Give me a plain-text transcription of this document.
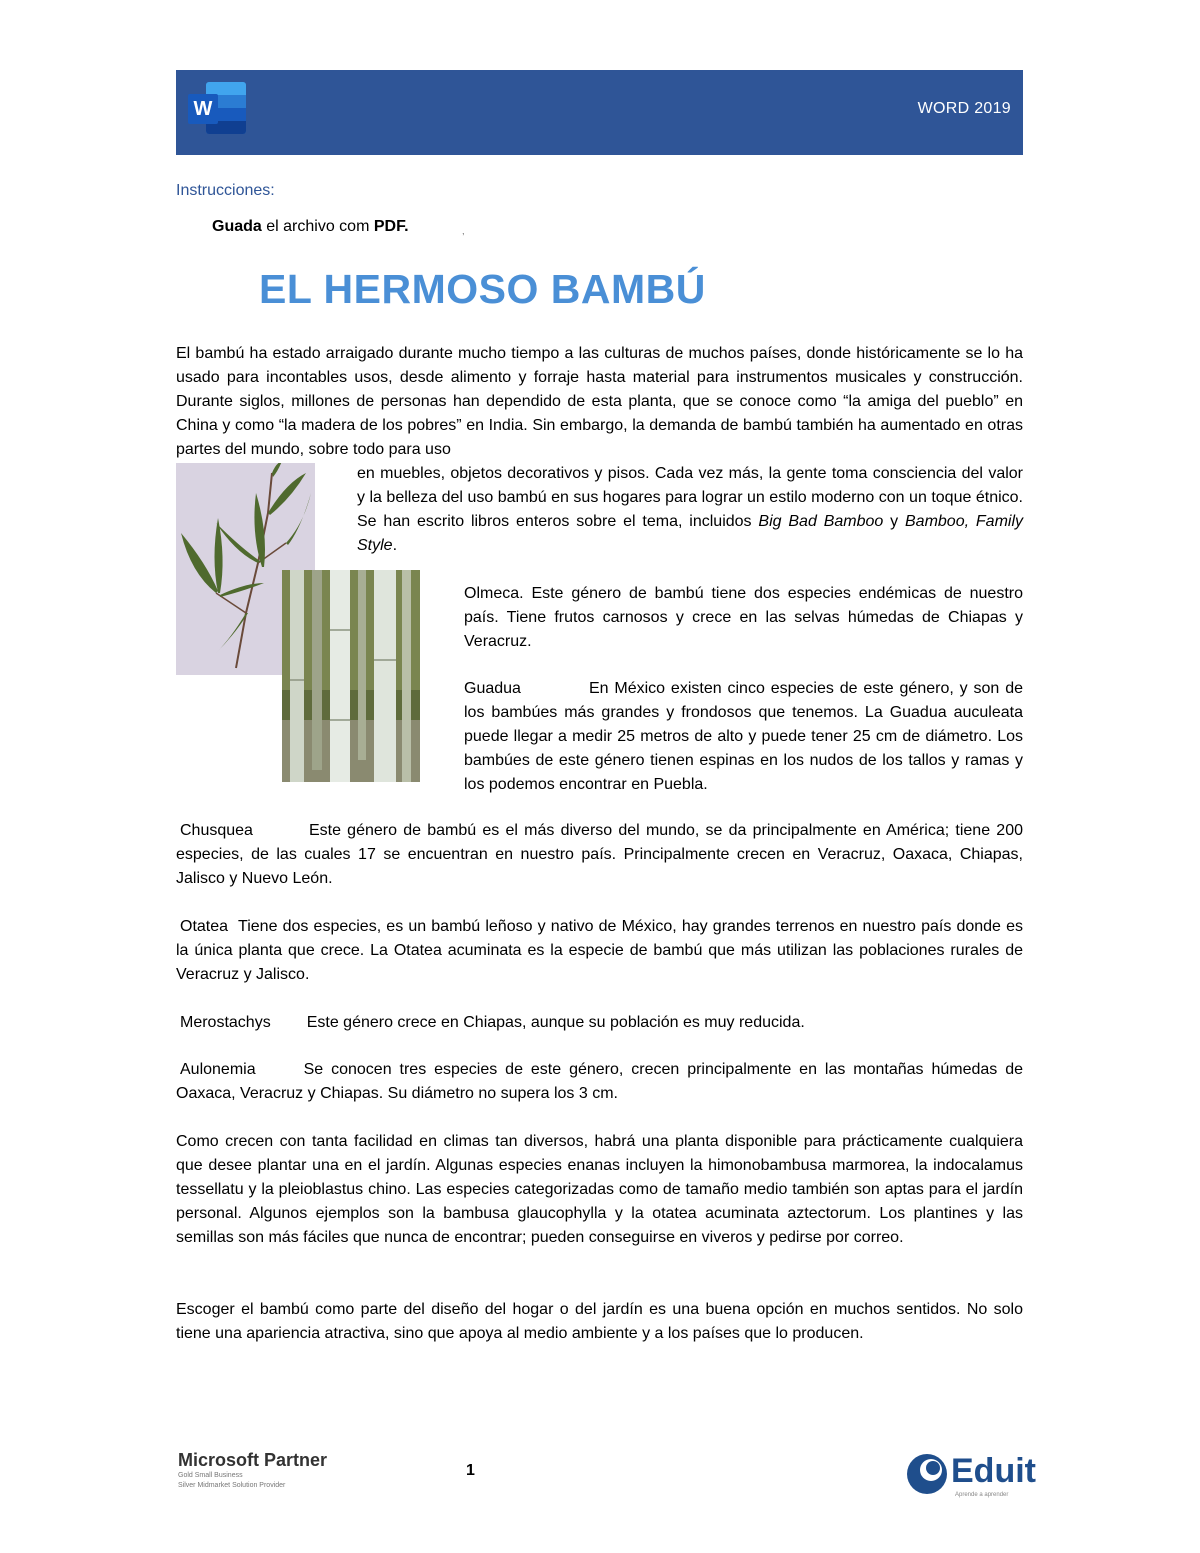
W	WORD 2019
Instrucciones:
Guada el archivo com PDF.	,
EL HERMOSO BAMBÚ

El bambú ha estado arraigado durante mucho tiempo a las culturas de muchos países, donde históricamente se lo ha usado para incontables usos, desde alimento y forraje hasta material para instrumentos musicales y construcción. Durante siglos, millones de personas han dependido de esta planta, que se conoce como “la amiga del pueblo” en China y como “la madera de los pobres” en India. Sin embargo, la demanda de bambú también ha aumentado en otras partes del mundo, sobre todo para uso

en muebles, objetos decorativos y pisos. Cada vez más, la gente toma consciencia del valor y la belleza del uso bambú en sus hogares para lograr un estilo moderno con un toque étnico. Se han escrito libros enteros sobre el tema, incluidos Big Bad Bamboo y Bamboo, Family Style.

Olmeca. Este género de bambú tiene dos especies endémicas de nuestro país. Tiene frutos carnosos y crece en las selvas húmedas de Chiapas y Veracruz.

Guadua	En México existen cinco especies de este género, y son de los bambúes más grandes y frondosos que tenemos. La Guadua auculeata puede llegar a medir 25 metros de alto y puede tener 25 cm de diámetro. Los bambúes de este género tienen espinas en los nudos de los tallos y ramas y los podemos encontrar en Puebla.

Chusquea	Este género de bambú es el más diverso del mundo, se da principalmente en América; tiene 200 especies, de las cuales 17 se encuentran en nuestro país. Principalmente crecen en Veracruz, Oaxaca, Chiapas, Jalisco y Nuevo León.

Otatea Tiene dos especies, es un bambú leñoso y nativo de México, hay grandes terrenos en nuestro país donde es la única planta que crece. La Otatea acuminata es la especie de bambú que más utilizan las poblaciones rurales de Veracruz y Jalisco.

Merostachys Este género crece en Chiapas, aunque su población es muy reducida.

Aulonemia	Se conocen tres especies de este género, crecen principalmente en las montañas húmedas de Oaxaca, Veracruz y Chiapas. Su diámetro no supera los 3 cm.

Como crecen con tanta facilidad en climas tan diversos, habrá una planta disponible para prácticamente cualquiera que desee plantar una en el jardín. Algunas especies enanas incluyen la himonobambusa marmorea, la indocalamus tessellatu y la pleioblastus chino. Las especies categorizadas como de tamaño medio también son aptas para el jardín personal. Algunos ejemplos son la bambusa glaucophylla y la otatea acuminata aztectorum. Los plantines y las semillas son más fáciles que nunca de encontrar; pueden conseguirse en viveros y pedirse por correo.

Escoger el bambú como parte del diseño del hogar o del jardín es una buena opción en muchos sentidos. No solo tiene una apariencia atractiva, sino que apoya al medio ambiente y a los países que lo producen.

Microsoft Partner
Gold Small Business
Silver Midmarket Solution Provider
1	Eduit
Aprende a aprender
